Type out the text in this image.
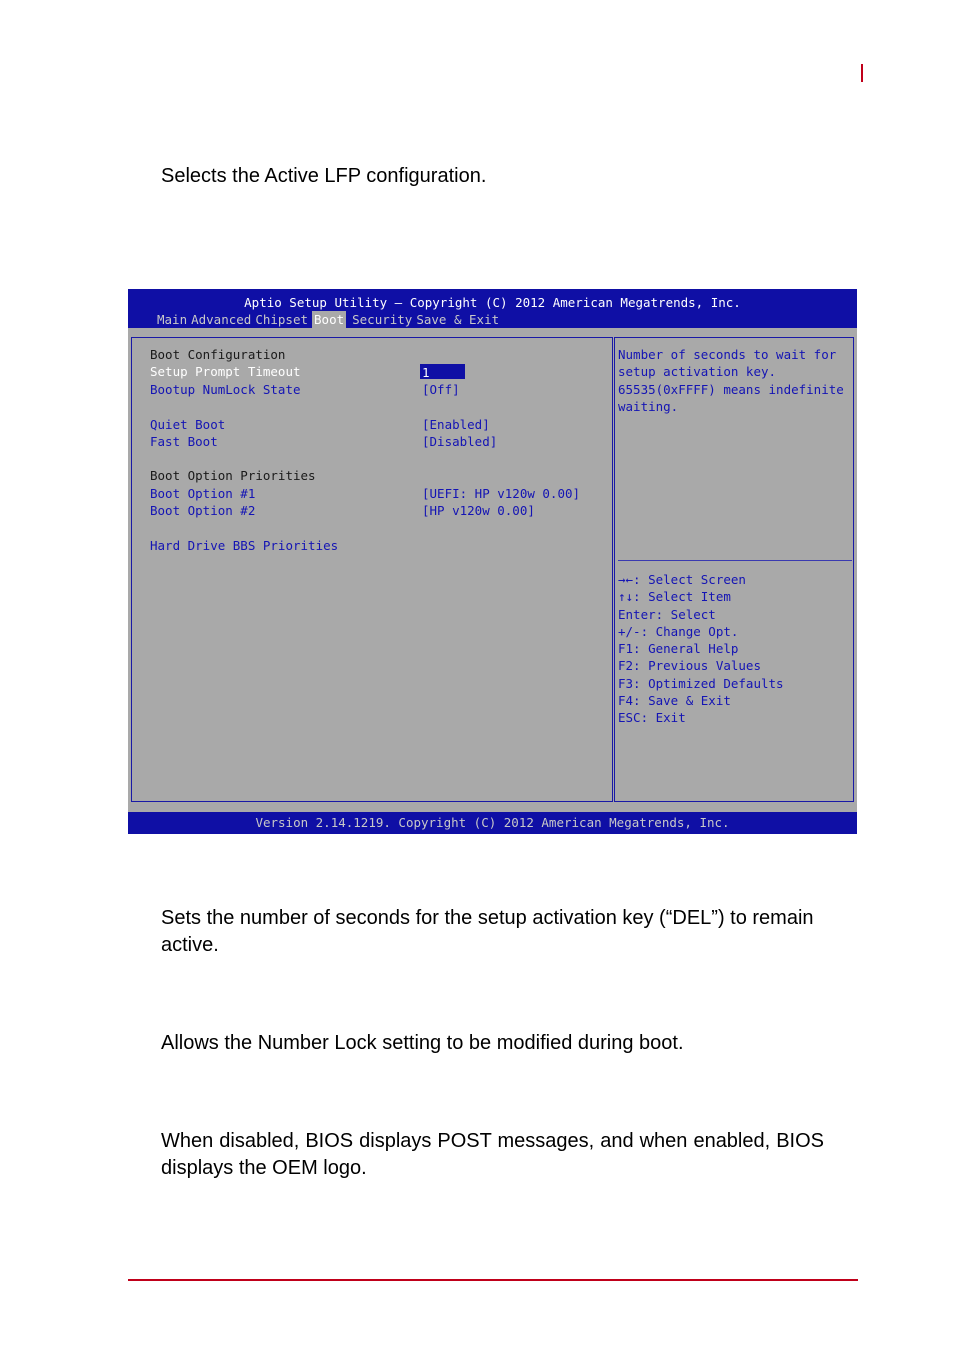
Selects the Active LFP configuration.

Aptio Setup Utility – Copyright (C) 2012 American Megatrends, Inc.
Main Advanced Chipset Boot Security Save & Exit
Boot Configuration
Setup Prompt Timeout	1
Bootup NumLock State	[Off]
Quiet Boot	[Enabled]
Fast Boot	[Disabled]
Boot Option Priorities
Boot Option #1	[UEFI: HP v120w 0.00]
Boot Option #2	[HP v120w 0.00]
Hard Drive BBS Priorities
Number of seconds to wait for
setup activation key.
65535(0xFFFF) means indefinite
waiting.
→←: Select Screen
↑↓: Select Item
Enter: Select
+/-: Change Opt.
F1: General Help
F2: Previous Values
F3: Optimized Defaults
F4: Save & Exit
ESC: Exit
Version 2.14.1219. Copyright (C) 2012 American Megatrends, Inc.

Sets the number of seconds for the setup activation key (“DEL”) to remain active.

Allows the Number Lock setting to be modified during boot.

When disabled, BIOS displays POST messages, and when enabled, BIOS displays the OEM logo.
